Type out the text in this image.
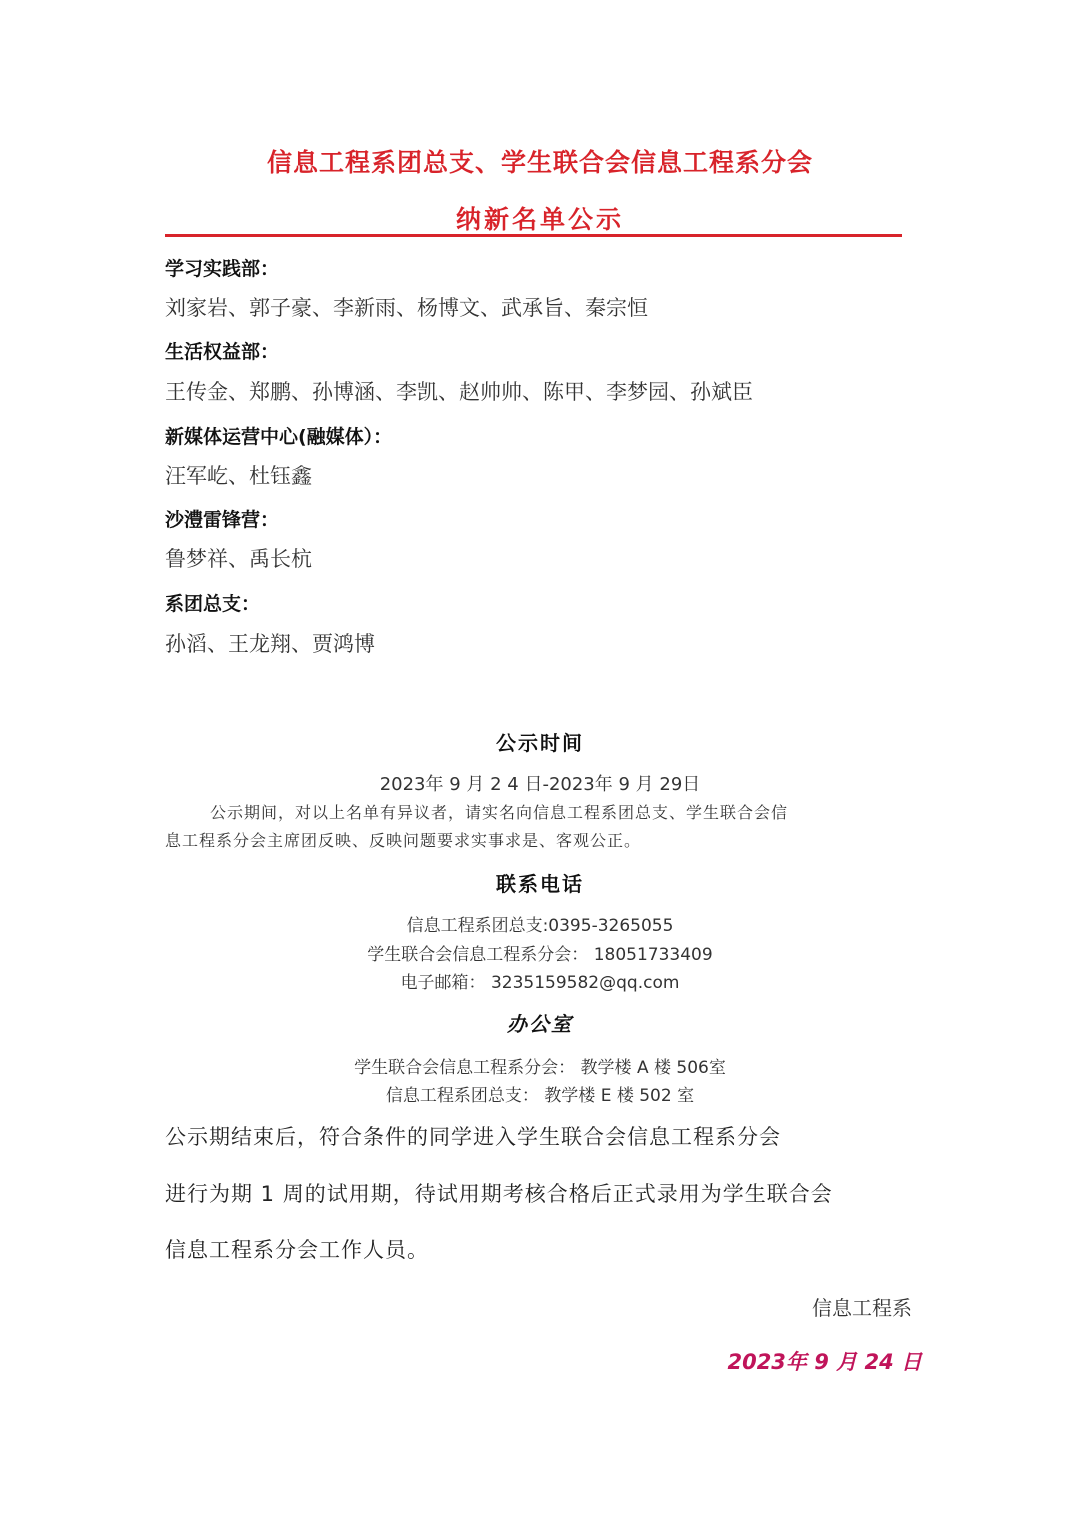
信息工程系团总支、学生联合会信息工程系分会
纳新名单公示
学习实践部：
刘家岩、郭子豪、李新雨、杨博文、武承旨、秦宗恒
生活权益部：
王传金、郑鹏、孙博涵、李凯、赵帅帅、陈甲、李梦园、孙斌臣
新媒体运营中心(融媒体）：
汪军屹、杜钰鑫
沙澧雷锋营：
鲁梦祥、禹长杭
系团总支：
孙滔、王龙翔、贾鸿博
公示时间
2023年 9 月 2 4 日-2023年 9 月 29日
公示期间，对以上名单有异议者，请实名向信息工程系团总支、学生联合会信
息工程系分会主席团反映、反映问题要求实事求是、客观公正。
联系电话
信息工程系团总支:0395-3265055
学生联合会信息工程系分会： 18051733409
电子邮箱： 3235159582@qq.com
办公室
学生联合会信息工程系分会： 教学楼 A 楼 506室
信息工程系团总支： 教学楼 E 楼 502 室
公示期结束后，符合条件的同学进入学生联合会信息工程系分会
进行为期 1 周的试用期，待试用期考核合格后正式录用为学生联合会
信息工程系分会工作人员。
信息工程系
2023年 9 月 24 日
